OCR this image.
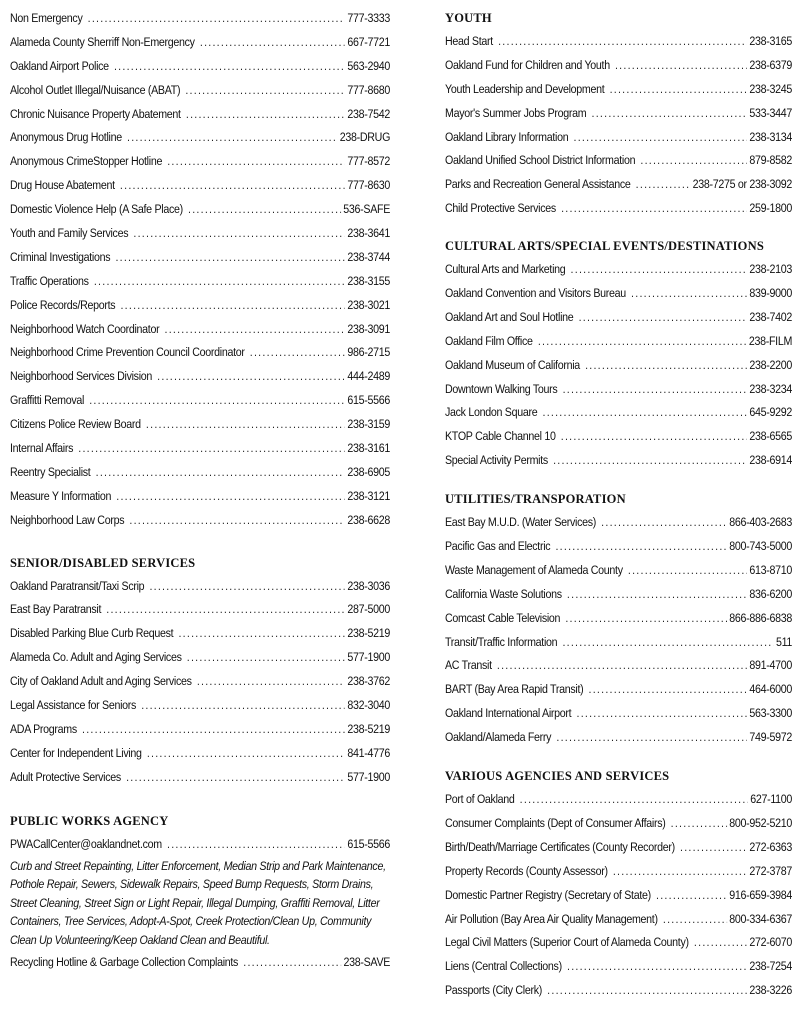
Non Emergency . . .	777-3333
Alameda County Sherriff Non-Emergency . . .	667-7721
Oakland Airport Police . . .	563-2940
Alcohol Outlet Illegal/Nuisance (ABAT) . . .	777-8680
Chronic Nuisance Property Abatement . . .	238-7542
Anonymous Drug Hotline . . .	238-DRUG
Anonymous CrimeStopper Hotline . . .	777-8572
Drug House Abatement . . .	777-8630
Domestic Violence Help (A Safe Place) . . .	536-SAFE
Youth and Family Services . . .	238-3641
Criminal Investigations . . .	238-3744
Traffic Operations . . .	238-3155
Police Records/Reports . . .	238-3021
Neighborhood Watch Coordinator . . .	238-3091
Neighborhood Crime Prevention Council Coordinator . . .	986-2715
Neighborhood Services Division . . .	444-2489
Graffitti Removal . . .	615-5566
Citizens Police Review Board . . .	238-3159
Internal Affairs . . .	238-3161
Reentry Specialist . . .	238-6905
Measure Y Information . . .	238-3121
Neighborhood Law Corps . . .	238-6628
SENIOR/DISABLED SERVICES
Oakland Paratransit/Taxi Scrip . . .	238-3036
East Bay Paratransit . . .	287-5000
Disabled Parking Blue Curb Request . . .	238-5219
Alameda Co. Adult and Aging Services . . .	577-1900
City of Oakland Adult and Aging Services . . .	238-3762
Legal Assistance for Seniors . . .	832-3040
ADA Programs . . .	238-5219
Center for Independent Living . . .	841-4776
Adult Protective Services . . .	577-1900
PUBLIC WORKS AGENCY
PWACallCenter@oaklandnet.com . . .	615-5566
Curb and Street Repainting, Litter Enforcement, Median Strip and Park Maintenance, Pothole Repair, Sewers, Sidewalk Repairs, Speed Bump Requests, Storm Drains, Street Cleaning, Street Sign or Light Repair, Illegal Dumping, Graffiti Removal, Litter Containers, Tree Services, Adopt-A-Spot, Creek Protection/Clean Up, Community Clean Up Volunteering/Keep Oakland Clean and Beautiful.
Recycling Hotline & Garbage Collection Complaints . . .	238-SAVE
YOUTH
Head Start . . .	238-3165
Oakland Fund for Children and Youth . . .	238-6379
Youth Leadership and Development . . .	238-3245
Mayor's Summer Jobs Program . . .	533-3447
Oakland Library Information . . .	238-3134
Oakland Unified School District Information . . .	879-8582
Parks and Recreation General Assistance . . .	238-7275 or 238-3092
Child Protective Services . . .	259-1800
CULTURAL ARTS/SPECIAL EVENTS/DESTINATIONS
Cultural Arts and Marketing . . .	238-2103
Oakland Convention and Visitors Bureau . . .	839-9000
Oakland Art and Soul Hotline . . .	238-7402
Oakland Film Office . . .	238-FILM
Oakland Museum of California . . .	238-2200
Downtown Walking Tours . . .	238-3234
Jack London Square . . .	645-9292
KTOP Cable Channel 10 . . .	238-6565
Special Activity Permits . . .	238-6914
UTILITIES/TRANSPORATION
East Bay M.U.D. (Water Services) . . .	866-403-2683
Pacific Gas and Electric . . .	800-743-5000
Waste Management of Alameda County . . .	613-8710
California Waste Solutions . . .	836-6200
Comcast Cable Television . . .	866-886-6838
Transit/Traffic Information . . .	511
AC Transit . . .	891-4700
BART (Bay Area Rapid Transit) . . .	464-6000
Oakland International Airport . . .	563-3300
Oakland/Alameda Ferry . . .	749-5972
VARIOUS AGENCIES AND SERVICES
Port of Oakland . . .	627-1100
Consumer Complaints (Dept of Consumer Affairs) . . .	800-952-5210
Birth/Death/Marriage Certificates (County Recorder) . . .	272-6363
Property Records (County Assessor) . . .	272-3787
Domestic Partner Registry (Secretary of State) . . .	916-659-3984
Air Pollution (Bay Area Air Quality Management) . . .	800-334-6367
Legal Civil Matters (Superior Court of Alameda County) . . .	272-6070
Liens (Central Collections) . . .	238-7254
Passports (City Clerk) . . .	238-3226
